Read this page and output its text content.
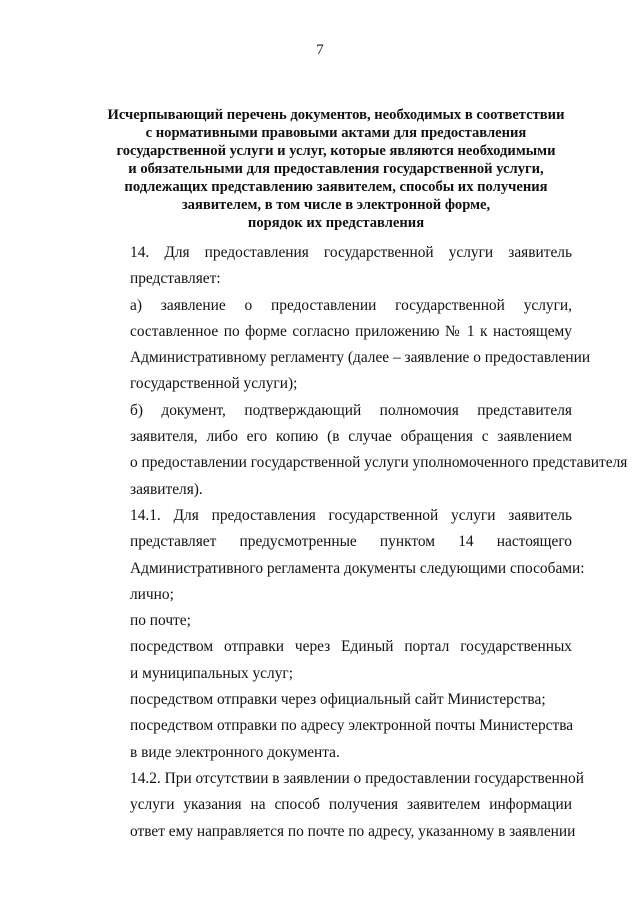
7
Исчерпывающий перечень документов, необходимых в соответствии
с нормативными правовыми актами для предоставления
государственной услуги и услуг, которые являются необходимыми
и обязательными для предоставления государственной услуги,
подлежащих представлению заявителем, способы их получения
заявителем, в том числе в электронной форме,
порядок их представления

14. Для предоставления государственной услуги заявитель
представляет:

а) заявление о предоставлении государственной услуги,
составленное по форме согласно приложению № 1 к настоящему
Административному регламенту (далее – заявление о предоставлении
государственной услуги);

б) документ, подтверждающий полномочия представителя
заявителя, либо его копию (в случае обращения с заявлением
о предоставлении государственной услуги уполномоченного представителя
заявителя).

14.1. Для предоставления государственной услуги заявитель
представляет предусмотренные пунктом 14 настоящего
Административного регламента документы следующими способами:

лично;

по почте;

посредством отправки через Единый портал государственных
и муниципальных услуг;

посредством отправки через официальный сайт Министерства;

посредством отправки по адресу электронной почты Министерства
в виде электронного документа.

14.2. При отсутствии в заявлении о предоставлении государственной
услуги указания на способ получения заявителем информации
ответ ему направляется по почте по адресу, указанному в заявлении
